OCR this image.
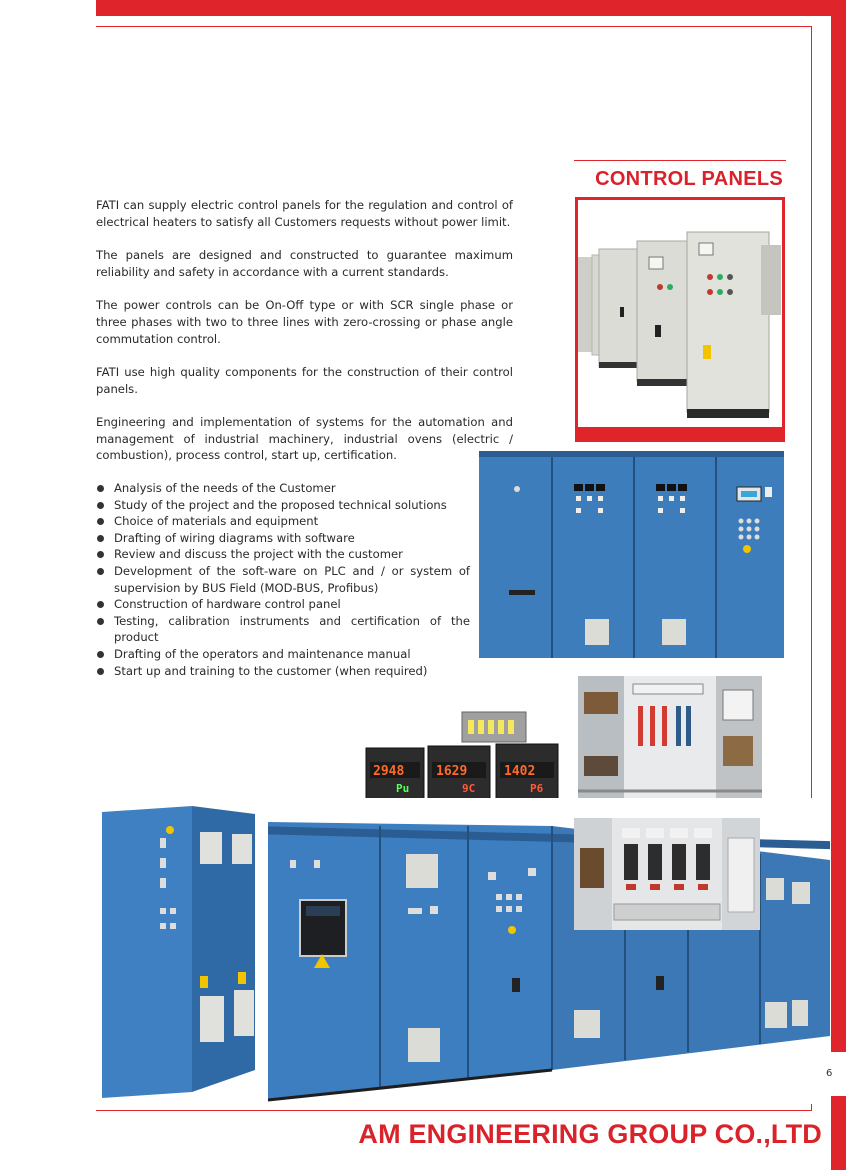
CONTROL PANELS

FATI can supply electric control panels for the regulation and control of electrical heaters to satisfy all Customers requests without power limit.

The panels are designed and constructed to guarantee maximum reliability and safety in accordance with a current standards.

The power controls can be On-Off type or with SCR single phase or three phases with two to three lines with zero-crossing or phase angle commutation control.

FATI use high quality components for the construction of their control panels.

Engineering and implementation of systems for the automation and management of industrial machinery, industrial ovens (electric / combustion), process control, start up, certification.

Analysis of the needs of the Customer
Study of the project and the proposed technical solutions
Choice of materials and equipment
Drafting of wiring diagrams with software
Review and discuss the project with the customer
Development of the soft-ware on PLC and / or system of supervision by BUS Field (MOD-BUS, Profibus)
Construction of hardware control panel
Testing, calibration instruments and certification of the product
Drafting of the operators and maintenance manual
Start up and training to the customer (when required)
2948 1629	1402
Pu	9C	P6
6
AM ENGINEERING GROUP CO.,LTD
